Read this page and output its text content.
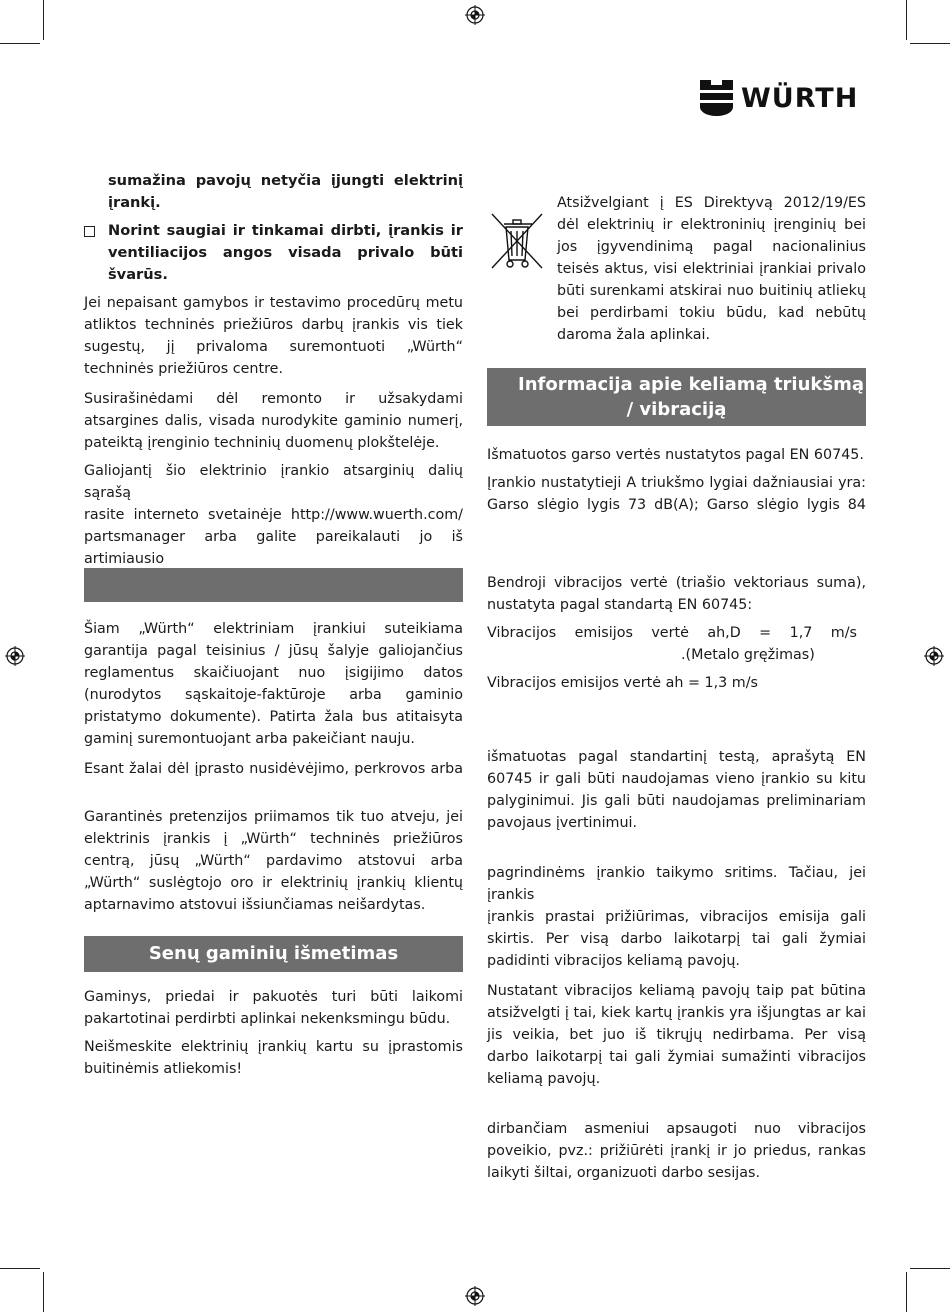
WÜRTH

sumažina pavojų netyčia įjungti elektrinį įrankį.

Norint saugiai ir tinkamai dirbti, įrankis ir ventiliacijos angos visada privalo būti švarūs.

Jei nepaisant gamybos ir testavimo procedūrų metu atliktos techninės priežiūros darbų įrankis vis tiek sugestų, jį privaloma suremontuoti „Würth“ techninės priežiūros centre.

Susirašinėdami dėl remonto ir užsakydami atsargines dalis, visada nurodykite gaminio numerį, pateiktą įrenginio techninių duomenų plokštelėje.

Galiojantį šio elektrinio įrankio atsarginių dalių sąrašą
rasite interneto svetainėje http://www.wuerth.com/
partsmanager arba galite pareikalauti jo iš artimiausio

Šiam „Würth“ elektriniam įrankiui suteikiama garantija pagal teisinius / jūsų šalyje galiojančius reglamentus skaičiuojant nuo įsigijimo datos (nurodytos sąskaitoje-faktūroje arba gaminio pristatymo dokumente). Patirta žala bus atitaisyta gaminį suremontuojant arba pakeičiant nauju.

Esant žalai dėl įprasto nusidėvėjimo, perkrovos arba

Garantinės pretenzijos priimamos tik tuo atveju, jei elektrinis įrankis į „Würth“ techninės priežiūros centrą, jūsų „Würth“ pardavimo atstovui arba „Würth“ suslėgtojo oro ir elektrinių įrankių klientų aptarnavimo atstovui išsiunčiamas neišardytas.

Senų gaminių išmetimas

Gaminys, priedai ir pakuotės turi būti laikomi pakartotinai perdirbti aplinkai nekenksmingu būdu.

Neišmeskite elektrinių įrankių kartu su įprastomis buitinėmis atliekomis!

Atsižvelgiant į ES Direktyvą 2012/19/ES dėl elektrinių ir elektroninių įrenginių bei jos įgyvendinimą pagal nacionalinius teisės aktus, visi elektriniai įrankiai privalo būti surenkami atskirai nuo buitinių atliekų bei perdirbami tokiu būdu, kad nebūtų daroma žala aplinkai.

Informacija apie keliamą triukšmą
/ vibraciją
Išmatuotos garso vertės nustatytos pagal EN 60745.
Įrankio nustatytieji A triukšmo lygiai dažniausiai yra:
Garso slėgio lygis 73 dB(A); Garso slėgio lygis 84

Bendroji vibracijos vertė (triašio vektoriaus suma), nustatyta pagal standartą EN 60745:

Vibracijos emisijos vertė ah,D = 1,7 m/s
.(Metalo gręžimas)
Vibracijos emisijos vertė ah = 1,3 m/s

išmatuotas pagal standartinį testą, aprašytą EN 60745 ir gali būti naudojamas vieno įrankio su kitu palyginimui. Jis gali būti naudojamas preliminariam pavojaus įvertinimui.

pagrindinėms įrankio taikymo sritims. Tačiau, jei įrankis

įrankis prastai prižiūrimas, vibracijos emisija gali skirtis. Per visą darbo laikotarpį tai gali žymiai padidinti vibracijos keliamą pavojų.

Nustatant vibracijos keliamą pavojų taip pat būtina atsižvelgti į tai, kiek kartų įrankis yra išjungtas ar kai jis veikia, bet juo iš tikrųjų nedirbama. Per visą darbo laikotarpį tai gali žymiai sumažinti vibracijos keliamą pavojų.

dirbančiam asmeniui apsaugoti nuo vibracijos poveikio, pvz.: prižiūrėti įrankį ir jo priedus, rankas laikyti šiltai, organizuoti darbo sesijas.
